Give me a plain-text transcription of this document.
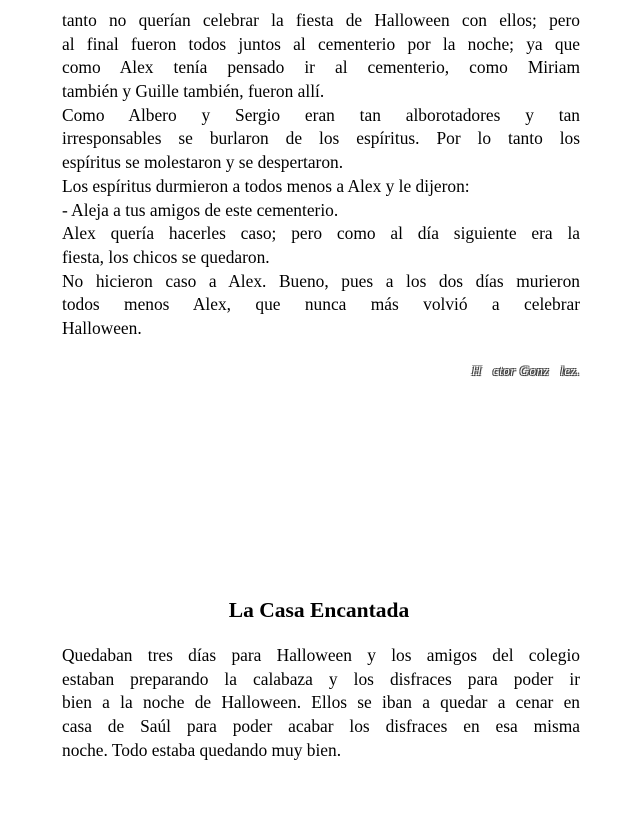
tanto no querían celebrar la fiesta de Halloween con ellos; pero
al final fueron todos juntos al cementerio por la noche; ya que
como Alex tenía pensado ir al cementerio, como Miriam
también y Guille también, fueron allí.
Como Albero y Sergio eran tan alborotadores y tan
irresponsables se burlaron de los espíritus. Por lo tanto los
espíritus se molestaron y se despertaron.
Los espíritus durmieron a todos menos a Alex y le dijeron:
- Aleja a tus amigos de este cementerio.
Alex quería hacerles caso; pero como al día siguiente era la
fiesta, los chicos se quedaron.
No hicieron caso a Alex. Bueno, pues a los dos días murieron
todos menos Alex, que nunca más volvió a celebrar
Halloween.
H   ctor Gonz   lez.
La Casa Encantada
Quedaban tres días para Halloween y los amigos del colegio
estaban preparando la calabaza y los disfraces para poder ir
bien a la noche de Halloween. Ellos se iban a quedar a cenar en
casa de Saúl para poder acabar los disfraces en esa misma
noche. Todo estaba quedando muy bien.
